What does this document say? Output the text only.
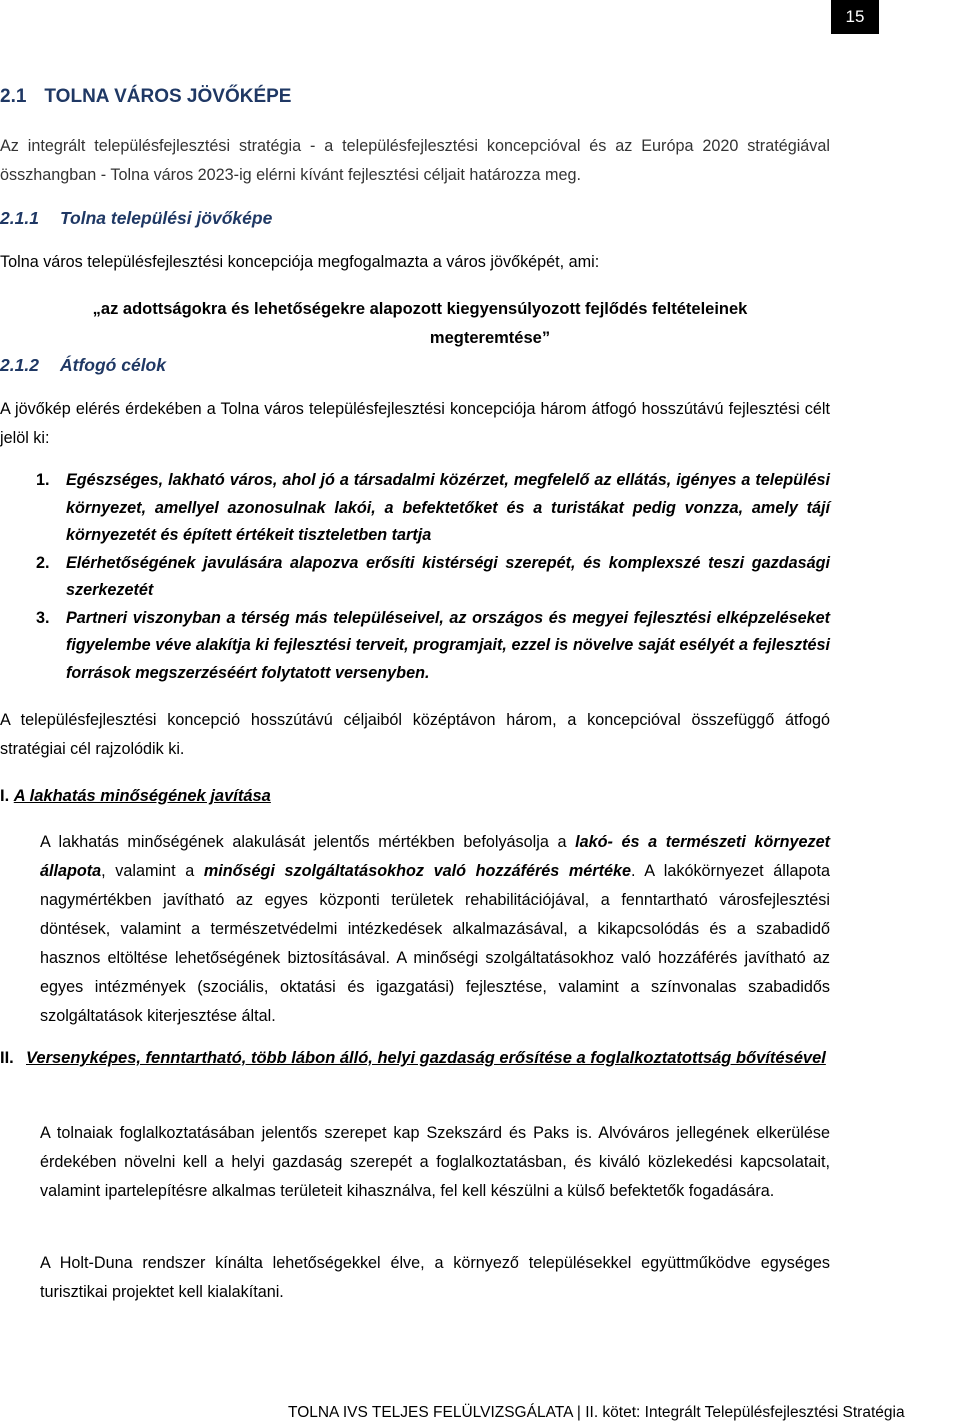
15
2.1 TOLNA VÁROS JÖVŐKÉPE
Az integrált településfejlesztési stratégia - a településfejlesztési koncepcióval és az Európa 2020 stratégiával összhangban - Tolna város 2023-ig elérni kívánt fejlesztési céljait határozza meg.
2.1.1 Tolna települési jövőképe
Tolna város településfejlesztési koncepciója megfogalmazta a város jövőképét, ami:
„az adottságokra és lehetőségekre alapozott kiegyensúlyozott fejlődés feltételeinek
megteremtése”
2.1.2 Átfogó célok
A jövőkép elérés érdekében a Tolna város településfejlesztési koncepciója három átfogó hosszútávú fejlesztési célt jelöl ki:
1. Egészséges, lakható város, ahol jó a társadalmi közérzet, megfelelő az ellátás, igényes a települési környezet, amellyel azonosulnak lakói, a befektetőket és a turistákat pedig vonzza, amely tájí környezetét és épített értékeit tiszteletben tartja
2. Elérhetőségének javulására alapozva erősíti kistérségi szerepét, és komplexszé teszi gazdasági szerkezetét
3. Partneri viszonyban a térség más településeivel, az országos és megyei fejlesztési elképzeléseket figyelembe véve alakítja ki fejlesztési terveit, programjait, ezzel is növelve saját esélyét a fejlesztési források megszerzéséért folytatott versenyben.
A településfejlesztési koncepció hosszútávú céljaiból középtávon három, a koncepcióval összefüggő átfogó stratégiai cél rajzolódik ki.
I. A lakhatás minőségének javítása
A lakhatás minőségének alakulását jelentős mértékben befolyásolja a lakó- és a természeti környezet állapota, valamint a minőségi szolgáltatásokhoz való hozzáférés mértéke. A lakókörnyezet állapota nagymértékben javítható az egyes központi területek rehabilitációjával, a fenntartható városfejlesztési döntések, valamint a természetvédelmi intézkedések alkalmazásával, a kikapcsolódás és a szabadidő hasznos eltöltése lehetőségének biztosításával. A minőségi szolgáltatásokhoz való hozzáférés javítható az egyes intézmények (szociális, oktatási és igazgatási) fejlesztése, valamint a színvonalas szabadidős szolgáltatások kiterjesztése által.
II. Versenyképes, fenntartható, több lábon álló, helyi gazdaság erősítése a foglalkoztatottság bővítésével
A tolnaiak foglalkoztatásában jelentős szerepet kap Szekszárd és Paks is. Alvóváros jellegének elkerülése érdekében növelni kell a helyi gazdaság szerepét a foglalkoztatásban, és kiváló közlekedési kapcsolatait, valamint ipartelepítésre alkalmas területeit kihasználva, fel kell készülni a külső befektetők fogadására.
A Holt-Duna rendszer kínálta lehetőségekkel élve, a környező településekkel együttműködve egységes turisztikai projektet kell kialakítani.
TOLNA IVS TELJES FELÜLVIZSGÁLATA | II. kötet: Integrált Településfejlesztési Stratégia
